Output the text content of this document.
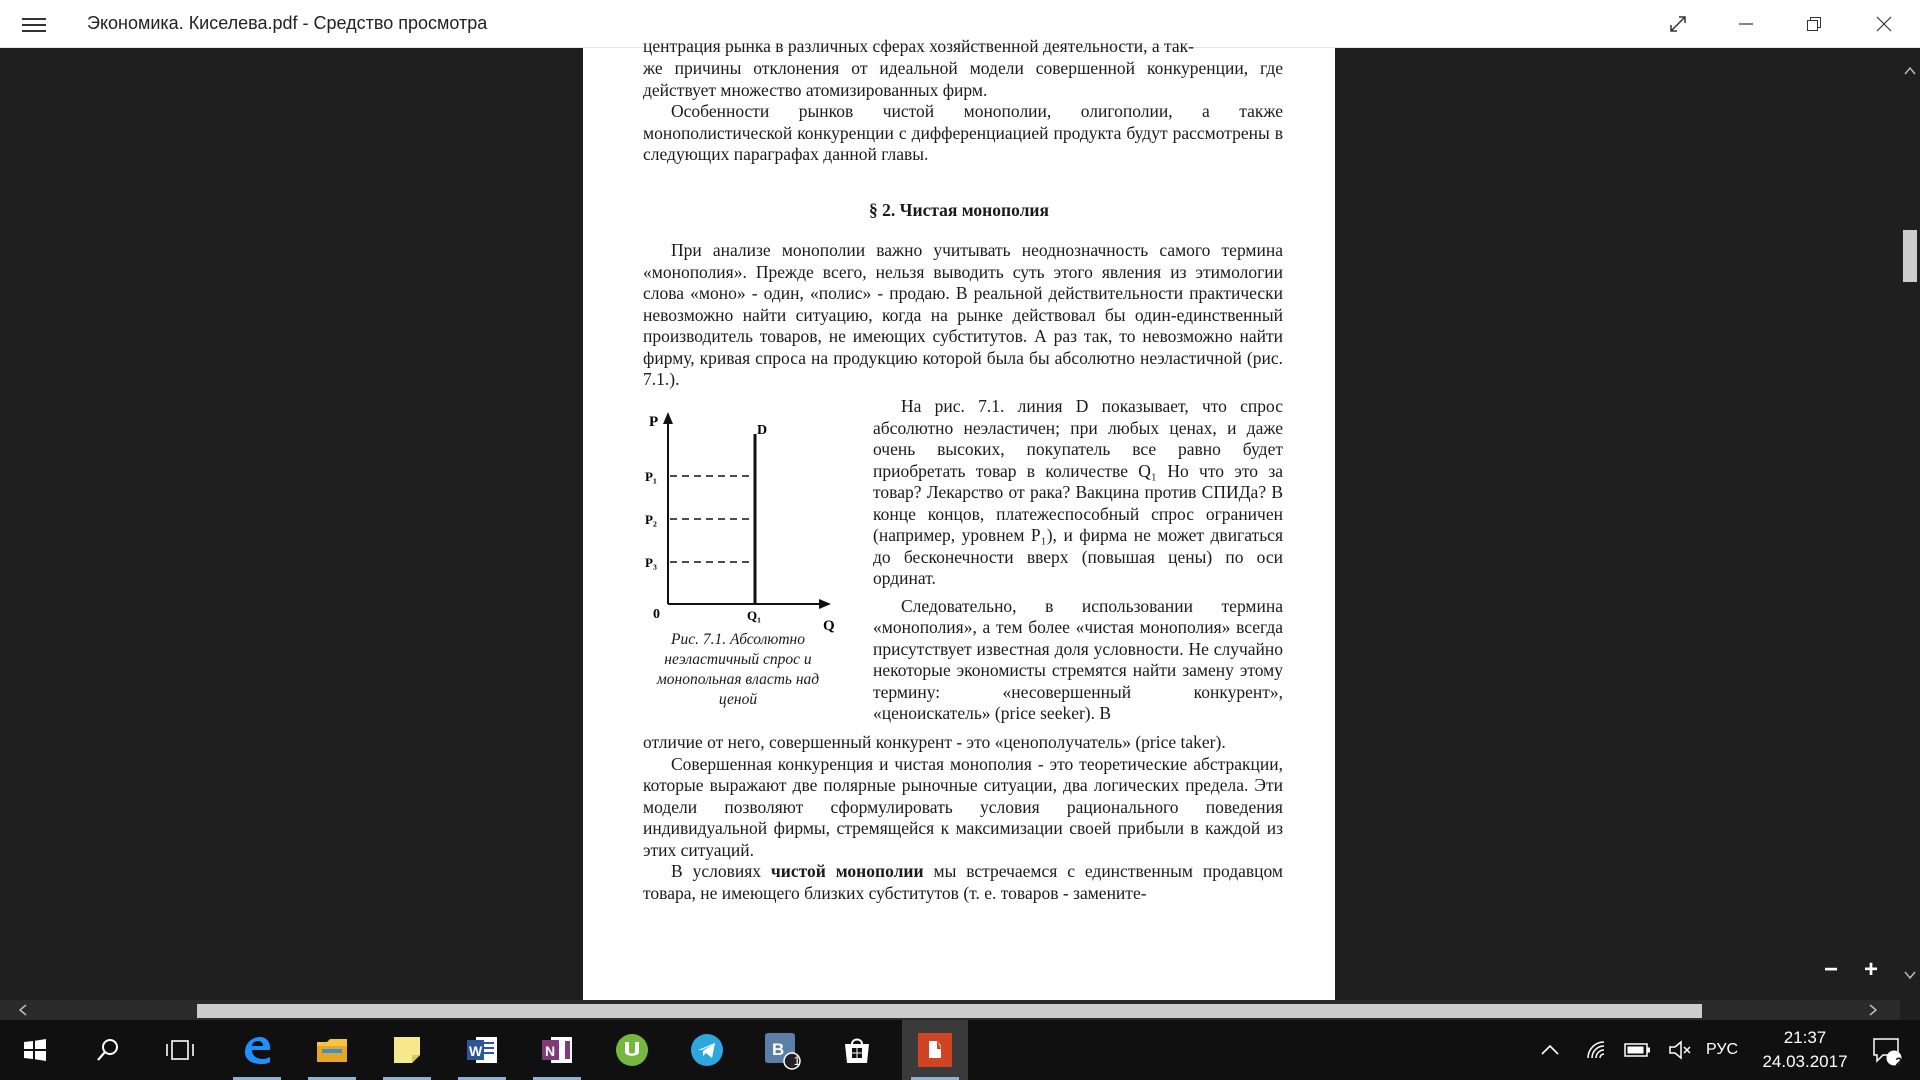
Экономика. Киселева.pdf - Средство просмотра
центрация рынка в различных сферах хозяйственной деятельности, а так-

же причины отклонения от идеальной модели совершенной конкуренции, где действует множество атомизированных фирм.

Особенности рынков чистой монополии, олигополии, а также монополистической конкуренции с дифференциацией продукта будут рассмотрены в следующих параграфах данной главы.

§ 2. Чистая монополия

При анализе монополии важно учитывать неоднозначность самого термина «монополия». Прежде всего, нельзя выводить суть этого явления из этимологии слова «моно» - один, «полис» - продаю. В реальной действительности практически невозможно найти ситуацию, когда на рынке действовал бы один-единственный производитель товаров, не имеющих субститутов. А раз так, то невозможно найти фирму, кривая спроса на продукцию которой была бы абсолютно неэластичной (рис. 7.1.).

P
Q
0
D
P₁
P₂
P₃
Q₁
Рис. 7.1. Абсолютно неэластичный спрос и монопольная власть над ценой

На рис. 7.1. линия D показывает, что спрос абсолютно неэластичен; при любых ценах, и даже очень высоких, покупатель все равно будет приобретать товар в количестве Q₁ Но что это за товар? Лекарство от рака? Вакцина против СПИДа? В конце концов, платежеспособный спрос ограничен (например, уровнем P₁), и фирма не может двигаться до бесконечности вверх (повышая цены) по оси ординат.

Следовательно, в использовании термина «монополия», а тем более «чистая монополия» всегда присутствует известная доля условности. Не случайно некоторые экономисты стремятся найти замену этому термину: «несовершенный конкурент», «ценоискатель» (price seeker). В

отличие от него, совершенный конкурент - это «ценополучатель» (price taker).

Совершенная конкуренция и чистая монополия - это теоретические абстракции, которые выражают две полярные рыночные ситуации, два логических предела. Эти модели позволяют сформулировать условия рационального поведения индивидуальной фирмы, стремящейся к максимизации своей прибыли в каждой из этих ситуаций.

В условиях чистой монополии мы встречаемся с единственным продавцом товара, не имеющего близких субститутов (т. е. товаров - замените-

− +
W	N	B
1
РУС
21:37
24.03.2017	21
